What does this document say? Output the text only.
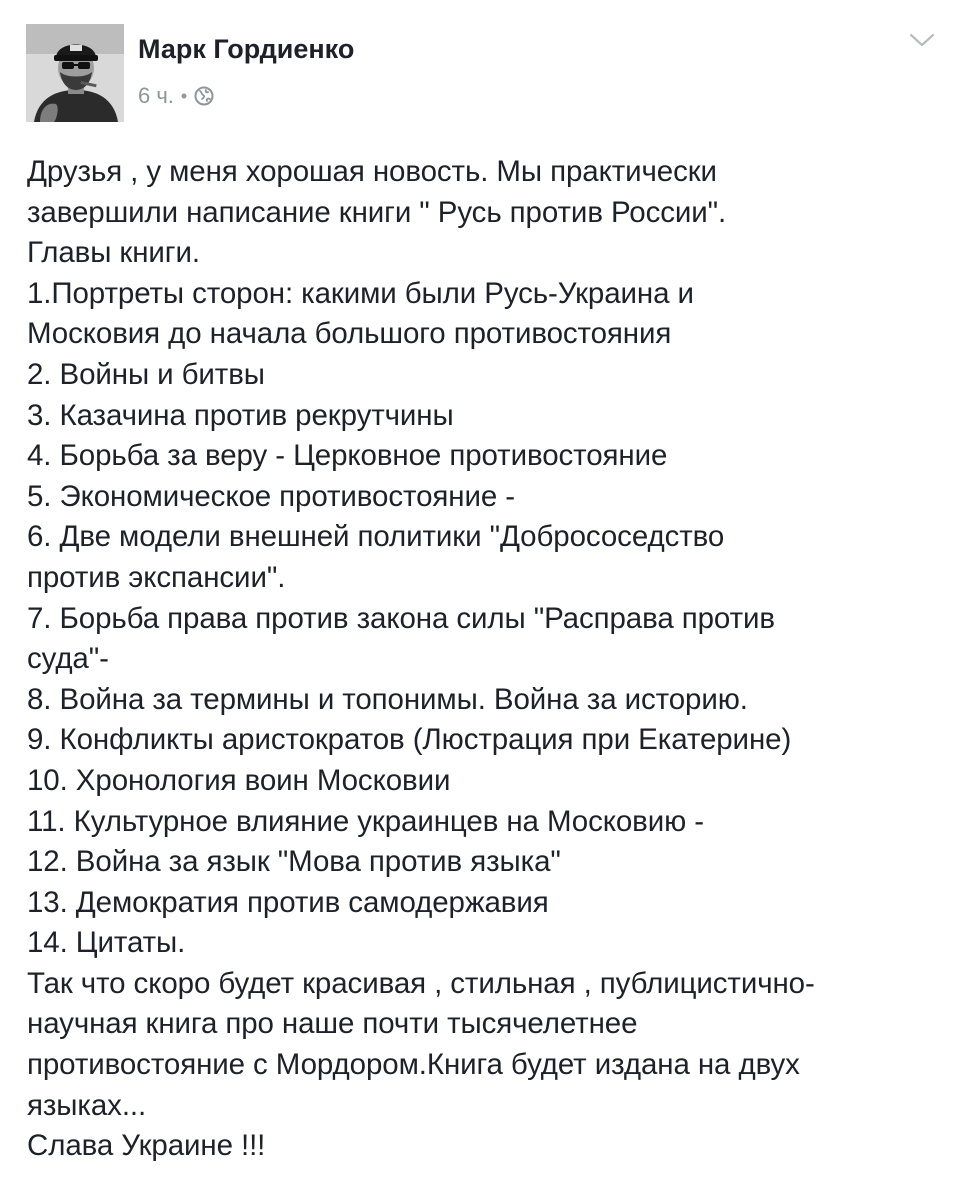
Марк Гордиенко
6 ч. •
Друзья , у меня хорошая новость. Мы практически
завершили написание книги " Русь против России".
Главы книги.
1.Портреты сторон: какими были Русь-Украина и
Московия до начала большого противостояния
2. Войны и битвы
3. Казачина против рекрутчины
4. Борьба за веру - Церковное противостояние
5. Экономическое противостояние -
6. Две модели внешней политики "Добрососедство
против экспансии".
7. Борьба права против закона силы "Расправа против
суда"-
8. Война за термины и топонимы. Война за историю.
9. Конфликты аристократов (Люстрация при Екатерине)
10. Хронология воин Московии
11. Культурное влияние украинцев на Московию -
12. Война за язык "Мова против языка"
13. Демократия против самодержавия
14. Цитаты.
Так что скоро будет красивая , стильная , публицистично-
научная книга про наше почти тысячелетнее
противостояние с Мордором.Книга будет издана на двух
языках...
Слава Украине !!!
